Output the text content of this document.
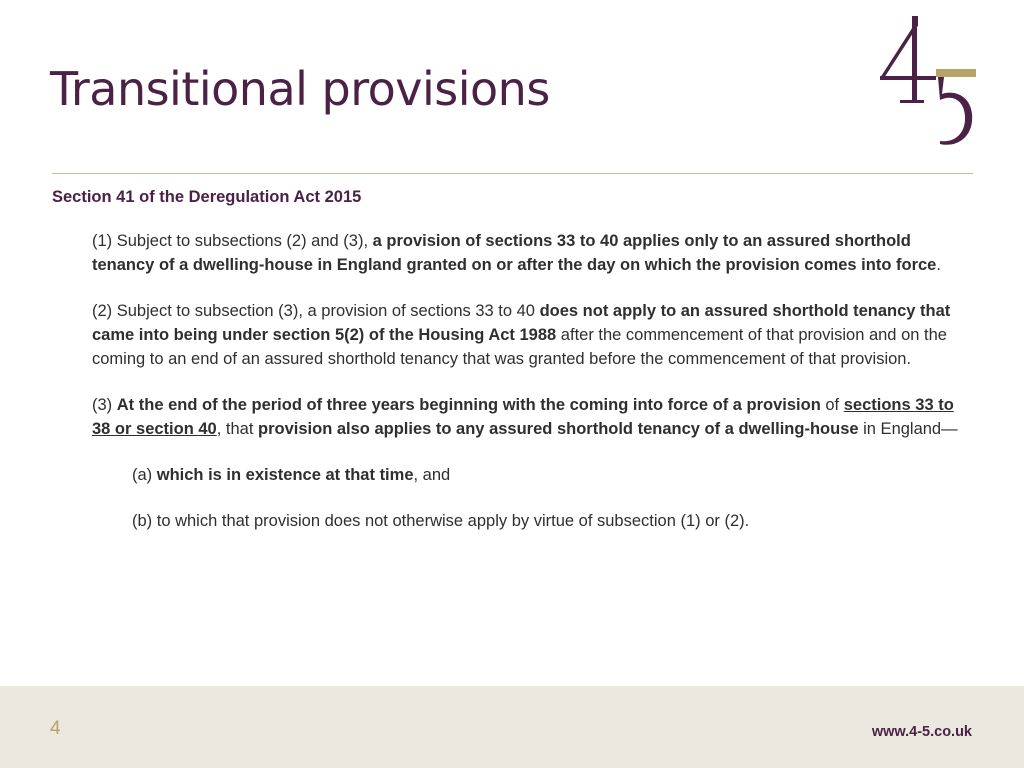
Transitional provisions

Section 41 of the Deregulation Act 2015

(1) Subject to subsections (2) and (3), a provision of sections 33 to 40 applies only to an assured shorthold tenancy of a dwelling-house in England granted on or after the day on which the provision comes into force.

(2) Subject to subsection (3), a provision of sections 33 to 40 does not apply to an assured shorthold tenancy that came into being under section 5(2) of the Housing Act 1988 after the commencement of that provision and on the coming to an end of an assured shorthold tenancy that was granted before the commencement of that provision.

(3) At the end of the period of three years beginning with the coming into force of a provision of sections 33 to 38 or section 40, that provision also applies to any assured shorthold tenancy of a dwelling-house in England—

(a) which is in existence at that time, and

(b) to which that provision does not otherwise apply by virtue of subsection (1) or (2).

4	www.4-5.co.uk
